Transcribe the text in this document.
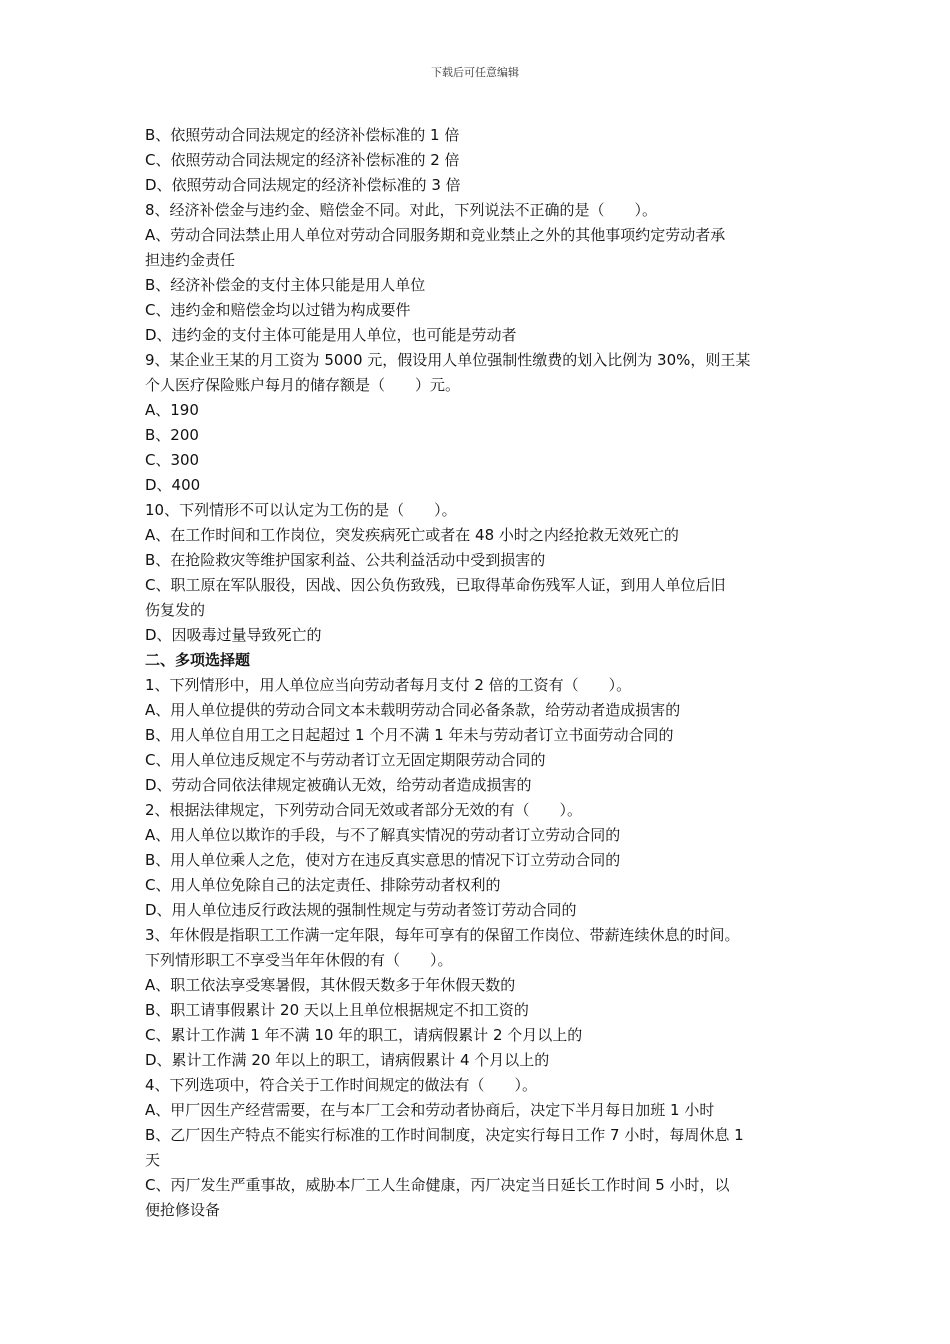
下载后可任意编辑
B、依照劳动合同法规定的经济补偿标准的 1 倍
C、依照劳动合同法规定的经济补偿标准的 2 倍
D、依照劳动合同法规定的经济补偿标准的 3 倍
8、经济补偿金与违约金、赔偿金不同。对此，下列说法不正确的是（　　）。
A、劳动合同法禁止用人单位对劳动合同服务期和竞业禁止之外的其他事项约定劳动者承
担违约金责任
B、经济补偿金的支付主体只能是用人单位
C、违约金和赔偿金均以过错为构成要件
D、违约金的支付主体可能是用人单位，也可能是劳动者
9、某企业王某的月工资为 5000 元，假设用人单位强制性缴费的划入比例为 30%，则王某
个人医疗保险账户每月的储存额是（　　）元。
A、190
B、200
C、300
D、400
10、下列情形不可以认定为工伤的是（　　）。
A、在工作时间和工作岗位，突发疾病死亡或者在 48 小时之内经抢救无效死亡的
B、在抢险救灾等维护国家利益、公共利益活动中受到损害的
C、职工原在军队服役，因战、因公负伤致残，已取得革命伤残军人证，到用人单位后旧
伤复发的
D、因吸毒过量导致死亡的
二、多项选择题
1、下列情形中，用人单位应当向劳动者每月支付 2 倍的工资有（　　）。
A、用人单位提供的劳动合同文本未载明劳动合同必备条款，给劳动者造成损害的
B、用人单位自用工之日起超过 1 个月不满 1 年未与劳动者订立书面劳动合同的
C、用人单位违反规定不与劳动者订立无固定期限劳动合同的
D、劳动合同依法律规定被确认无效，给劳动者造成损害的
2、根据法律规定，下列劳动合同无效或者部分无效的有（　　）。
A、用人单位以欺诈的手段，与不了解真实情况的劳动者订立劳动合同的
B、用人单位乘人之危，使对方在违反真实意思的情况下订立劳动合同的
C、用人单位免除自己的法定责任、排除劳动者权利的
D、用人单位违反行政法规的强制性规定与劳动者签订劳动合同的
3、年休假是指职工工作满一定年限，每年可享有的保留工作岗位、带薪连续休息的时间。
下列情形职工不享受当年年休假的有（　　）。
A、职工依法享受寒暑假，其休假天数多于年休假天数的
B、职工请事假累计 20 天以上且单位根据规定不扣工资的
C、累计工作满 1 年不满 10 年的职工，请病假累计 2 个月以上的
D、累计工作满 20 年以上的职工，请病假累计 4 个月以上的
4、下列选项中，符合关于工作时间规定的做法有（　　）。
A、甲厂因生产经营需要，在与本厂工会和劳动者协商后，决定下半月每日加班 1 小时
B、乙厂因生产特点不能实行标准的工作时间制度，决定实行每日工作 7 小时，每周休息 1
天
C、丙厂发生严重事故，威胁本厂工人生命健康，丙厂决定当日延长工作时间 5 小时，以
便抢修设备
